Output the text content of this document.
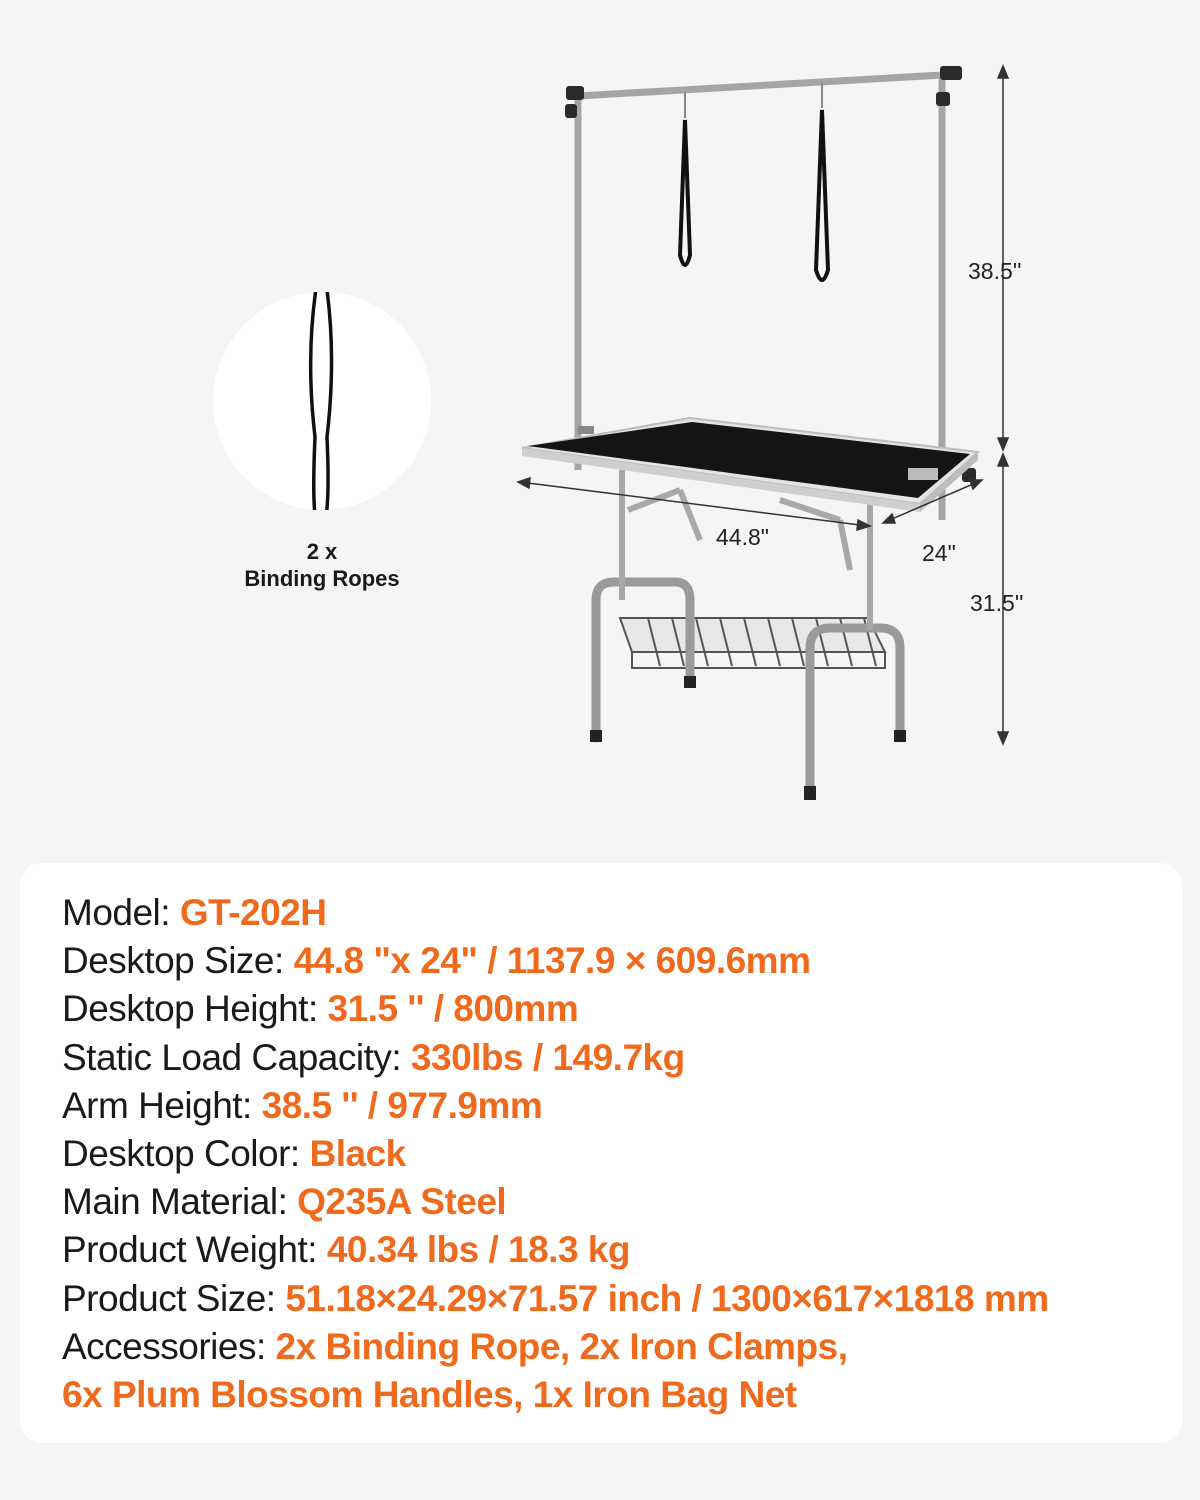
2 x
Binding Ropes
38.5''
44.8"
24"
31.5''
Model: GT-202H
Desktop Size: 44.8 "x 24" / 1137.9 × 609.6mm
Desktop Height: 31.5 '' / 800mm
Static Load Capacity: 330lbs / 149.7kg
Arm Height: 38.5 '' / 977.9mm
Desktop Color: Black
Main Material: Q235A Steel
Product Weight: 40.34 lbs / 18.3 kg
Product Size: 51.18×24.29×71.57 inch / 1300×617×1818 mm
Accessories: 2x Binding Rope, 2x Iron Clamps,
6x Plum Blossom Handles, 1x Iron Bag Net
